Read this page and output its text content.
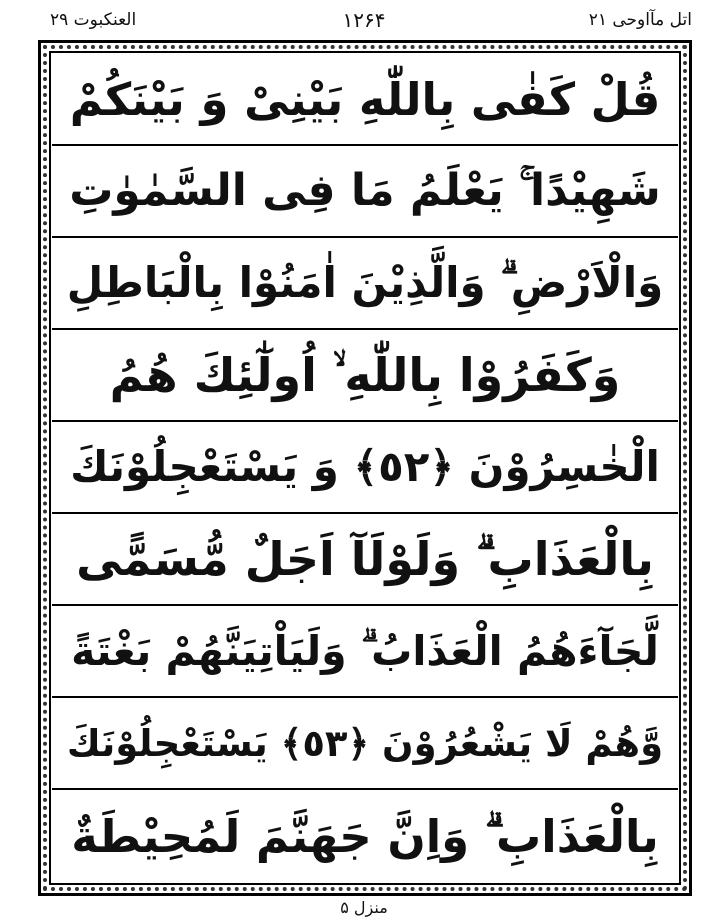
العنکبوت ۲۹	۱۲۶۴	اتل مآاوحی ۲۱
قُلْ كَفٰى بِاللّٰهِ بَيْنِىْ وَ بَيْنَكُمْ
شَهِيْدًا ۚ يَعْلَمُ مَا فِى السَّمٰوٰتِ
وَالْاَرْضِ ۗ وَالَّذِيْنَ اٰمَنُوْا بِالْبَاطِلِ
وَكَفَرُوْا بِاللّٰهِ ۙ اُولٰٓئِكَ هُمُ
الْخٰسِرُوْنَ ﴿٥٢﴾ وَ يَسْتَعْجِلُوْنَكَ
بِالْعَذَابِ ۗ وَلَوْلَآ اَجَلٌ مُّسَمًّى
لَّجَآءَهُمُ الْعَذَابُ ۗ وَلَيَاْتِيَنَّهُمْ بَغْتَةً
وَّهُمْ لَا يَشْعُرُوْنَ ﴿٥٣﴾ يَسْتَعْجِلُوْنَكَ
بِالْعَذَابِ ۗ وَاِنَّ جَهَنَّمَ لَمُحِيْطَةٌ
منزل ۵
